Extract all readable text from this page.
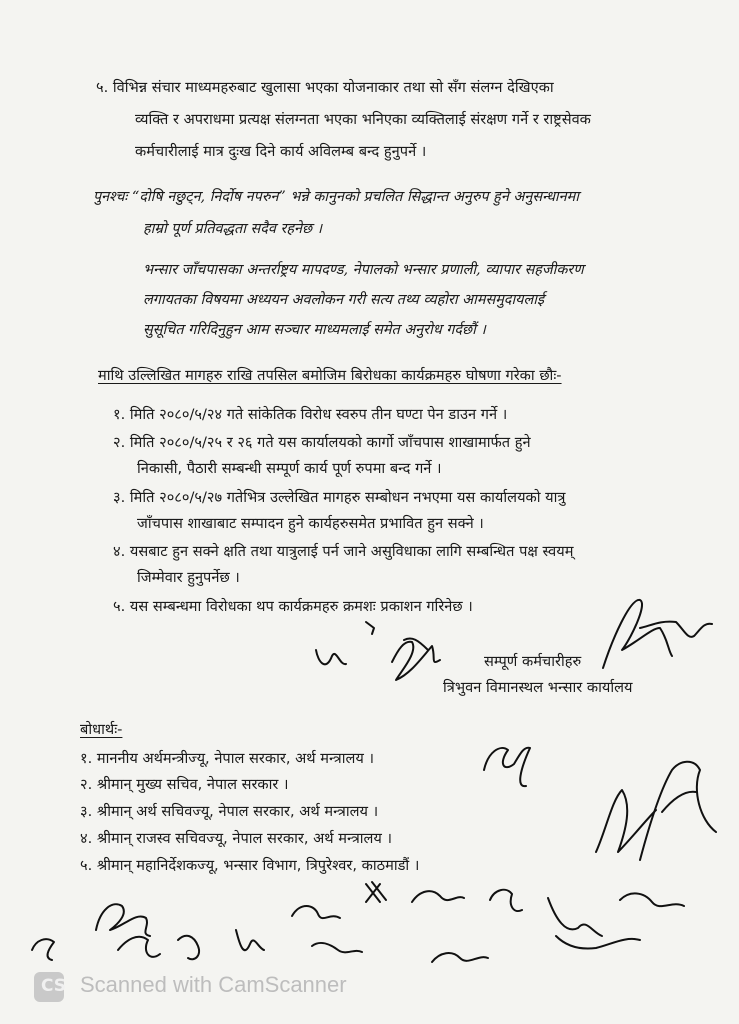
५. विभिन्न संचार माध्यमहरुबाट खुलासा भएका योजनाकार तथा सो सँग संलग्न देखिएका
व्यक्ति र अपराधमा प्रत्यक्ष संलग्नता भएका भनिएका व्यक्तिलाई संरक्षण गर्ने र राष्ट्रसेवक
कर्मचारीलाई मात्र दुःख दिने कार्य अविलम्ब बन्द हुनुपर्ने ।
पुनश्चः “दोषि नछुट्न, निर्दोष नपरुन” भन्ने कानुनको प्रचलित सिद्धान्त अनुरुप हुने अनुसन्धानमा
हाम्रो पूर्ण प्रतिवद्धता सदैव रहनेछ ।
भन्सार जाँचपासका अन्तर्राष्ट्रय मापदण्ड, नेपालको भन्सार प्रणाली, व्यापार सहजीकरण
लगायतका विषयमा अध्ययन अवलोकन गरी सत्य तथ्य व्यहोरा आमसमुदायलाई
सुसूचित गरिदिनुहुन आम सञ्चार माध्यमलाई समेत अनुरोध गर्दछौं ।
माथि उल्लिखित मागहरु राखि तपसिल बमोजिम बिरोधका कार्यक्रमहरु घोषणा गरेका छौः-
१. मिति २०८०/५/२४ गते सांकेतिक विरोध स्वरुप तीन घण्टा पेन डाउन गर्ने ।
२. मिति २०८०/५/२५ र २६ गते यस कार्यालयको कार्गो जाँचपास शाखामार्फत हुने
निकासी, पैठारी सम्बन्धी सम्पूर्ण कार्य पूर्ण रुपमा बन्द गर्ने ।
३. मिति २०८०/५/२७ गतेभित्र उल्लेखित मागहरु सम्बोधन नभएमा यस कार्यालयको यात्रु
जाँचपास शाखाबाट सम्पादन हुने कार्यहरुसमेत प्रभावित हुन सक्ने ।
४. यसबाट हुन सक्ने क्षति तथा यात्रुलाई पर्न जाने असुविधाका लागि सम्बन्धित पक्ष स्वयम्
जिम्मेवार हुनुपर्नेछ ।
५. यस सम्बन्धमा विरोधका थप कार्यक्रमहरु क्रमशः प्रकाशन गरिनेछ ।
सम्पूर्ण कर्मचारीहरु
त्रिभुवन विमानस्थल भन्सार कार्यालय
बोधार्थः-
१. माननीय अर्थमन्त्रीज्यू, नेपाल सरकार, अर्थ मन्त्रालय ।
२. श्रीमान् मुख्य सचिव, नेपाल सरकार ।
३. श्रीमान् अर्थ सचिवज्यू, नेपाल सरकार, अर्थ मन्त्रालय ।
४. श्रीमान् राजस्व सचिवज्यू, नेपाल सरकार, अर्थ मन्त्रालय ।
५. श्रीमान् महानिर्देशकज्यू, भन्सार विभाग, त्रिपुरेश्वर, काठमाडौं ।
CS Scanned with CamScanner
